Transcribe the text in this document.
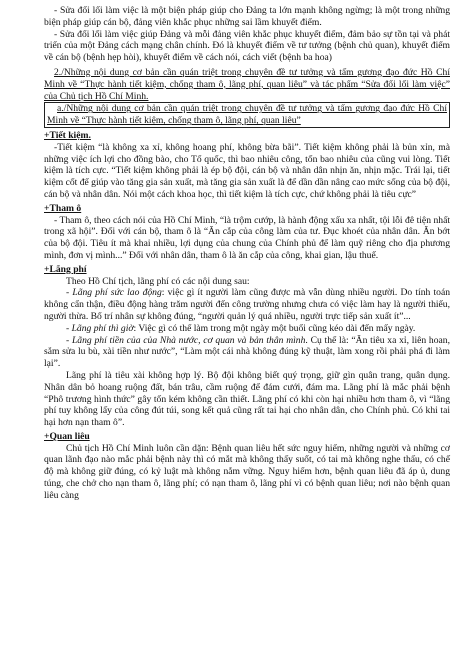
- Sửa đổi lối làm việc là một biện pháp giúp cho Đảng ta lớn mạnh không ngừng; là một trong những biện pháp giúp cán bộ, đảng viên khắc phục những sai lầm khuyết điểm.

- Sửa đổi lối làm việc giúp Đảng và mỗi đảng viên khắc phục khuyết điểm, đảm bảo sự tồn tại và phát triển của một Đảng cách mạng chân chính. Đó là khuyết điểm về tư tưởng (bệnh chủ quan), khuyết điểm về cán bộ (bệnh hẹp hòi), khuyết điểm về cách nói, cách viết (bệnh ba hoa)

2./Những nội dung cơ bản cần quán triệt trong chuyên đề tư tưởng và tấm gương đạo đức Hồ Chí Minh về “Thực hành tiết kiệm, chống tham ô, lãng phí, quan liêu” và tác phẩm “Sửa đổi lối làm việc” của Chủ tịch Hồ Chí Minh.

a./Những nội dung cơ bản cần quán triệt trong chuyên đề tư tưởng và tấm gương đạo đức Hồ Chí Minh về “Thực hành tiết kiệm, chống tham ô, lãng phí, quan liêu”

+Tiết kiệm.

-Tiết kiệm “là không xa xỉ, không hoang phí, không bừa bãi”. Tiết kiệm không phải là bủn xỉn, mà những việc ích lợi cho đồng bào, cho Tổ quốc, thì bao nhiêu công, tốn bao nhiêu của cũng vui lòng. Tiết kiệm là tích cực. “Tiết kiệm không phải là ép bộ đội, cán bộ và nhân dân nhịn ăn, nhịn mặc. Trái lại, tiết kiệm cốt để giúp vào tăng gia sản xuất, mà tăng gia sản xuất là để dần dần nâng cao mức sống của bộ đội, cán bộ và nhân dân. Nói một cách khoa học, thì tiết kiệm là tích cực, chứ không phải là tiêu cực”

+Tham ô

- Tham ô, theo cách nói của Hồ Chí Minh, “là trộm cướp, là hành động xấu xa nhất, tội lỗi đê tiện nhất trong xã hội”. Đối với cán bộ, tham ô là “Ăn cắp của công làm của tư. Đục khoét của nhân dân. Ăn bớt của bộ đội. Tiêu ít mà khai nhiều, lợi dụng của chung của Chính phủ để làm quỹ riêng cho địa phương mình, đơn vị mình...” Đối với nhân dân, tham ô là ăn cắp của công, khai gian, lậu thuế.

+Lãng phí

Theo Hồ Chí tịch, lãng phí có các nội dung sau:

- Lãng phí sức lao động: việc gì ít người làm cũng được mà vẫn dùng nhiều người. Do tính toán không cẩn thận, điều động hàng trăm người đến công trường nhưng chưa có việc làm hay là người thiếu, người thừa. Bố trí nhân sự không đúng, “người quản lý quá nhiều, người trực tiếp sản xuất ít”...

- Lãng phí thì giờ: Việc gì có thể làm trong một ngày một buổi cũng kéo dài đến mấy ngày.

- Lãng phí tiền của của Nhà nước, cơ quan và bản thân mình. Cụ thể là: “Ăn tiêu xa xỉ, liên hoan, sắm sửa lu bù, xài tiền như nước”, “Làm một cái nhà không đúng kỹ thuật, làm xong rồi phải phá đi làm lại”.

Lãng phí là tiêu xài không hợp lý. Bộ đội không biết quý trọng, giữ gìn quân trang, quân dụng. Nhân dân bỏ hoang ruộng đất, bán trâu, cầm ruộng để đám cưới, đám ma. Lãng phí là mắc phải bệnh “Phô trương hình thức” gây tốn kém không cần thiết. Lãng phí có khi còn hại nhiều hơn tham ô, vì “lãng phí tuy không lấy của công đút túi, song kết quả cũng rất tai hại cho nhân dân, cho Chính phủ. Có khi tai hại hơn nạn tham ô”.

+Quan liêu

Chủ tịch Hồ Chí Minh luôn cần dặn: Bệnh quan liêu hết sức nguy hiểm, những người và những cơ quan lãnh đạo nào mắc phải bệnh này thì có mắt mà không thấy suốt, có tai mà không nghe thấu, có chế độ mà không giữ đúng, có kỷ luật mà không nắm vững. Nguy hiểm hơn, bệnh quan liêu đã áp ủ, dung túng, che chở cho nạn tham ô, lãng phí; có nạn tham ô, lãng phí vì có bệnh quan liêu; nơi nào bệnh quan liêu càng
